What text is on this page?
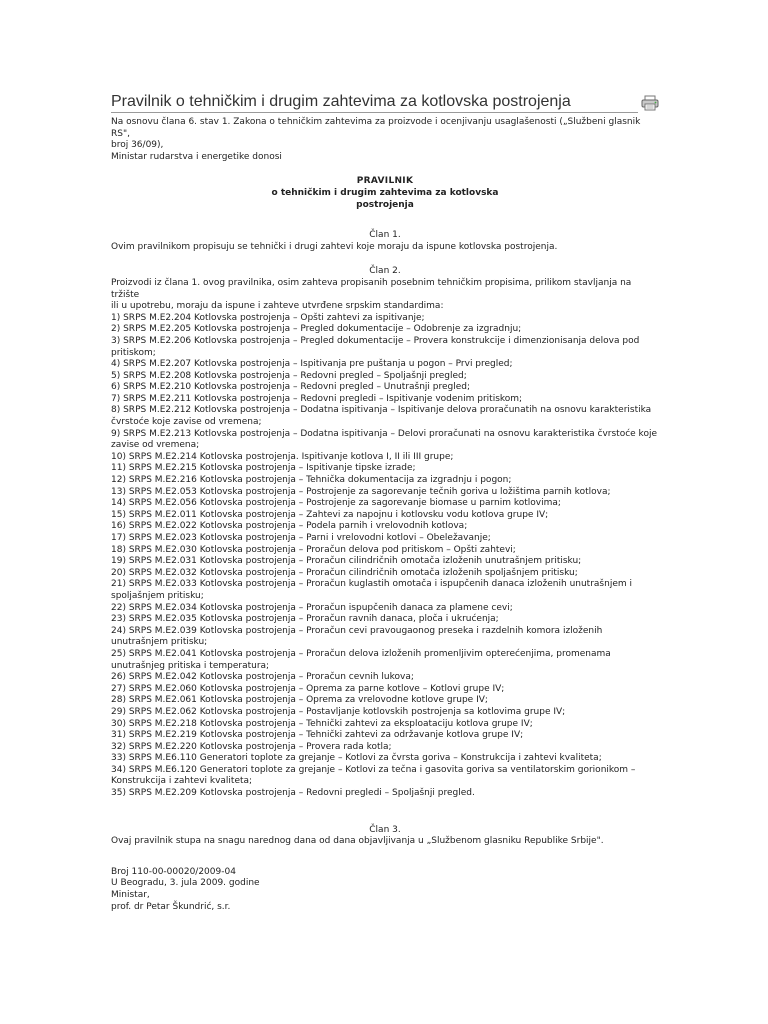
Pravilnik o tehničkim i drugim zahtevima za kotlovska postrojenja
Na osnovu člana 6. stav 1. Zakona o tehničkim zahtevima za proizvode i ocenjivanju usaglašenosti („Službeni glasnik RS",
broj 36/09),
Ministar rudarstva i energetike donosi
PRAVILNIK
o tehničkim i drugim zahtevima za kotlovska
postrojenja
Član 1.
Ovim pravilnikom propisuju se tehnički i drugi zahtevi koje moraju da ispune kotlovska postrojenja.
Član 2.
Proizvodi iz člana 1. ovog pravilnika, osim zahteva propisanih posebnim tehničkim propisima, prilikom stavljanja na tržište
ili u upotrebu, moraju da ispune i zahteve utvrđene srpskim standardima:
1) SRPS M.E2.204 Kotlovska postrojenja – Opšti zahtevi za ispitivanje;
2) SRPS M.E2.205 Kotlovska postrojenja – Pregled dokumentacije – Odobrenje za izgradnju;
3) SRPS M.E2.206 Kotlovska postrojenja – Pregled dokumentacije – Provera konstrukcije i dimenzionisanja delova pod
pritiskom;
4) SRPS M.E2.207 Kotlovska postrojenja – Ispitivanja pre puštanja u pogon – Prvi pregled;
5) SRPS M.E2.208 Kotlovska postrojenja – Redovni pregled – Spoljašnji pregled;
6) SRPS M.E2.210 Kotlovska postrojenja – Redovni pregled – Unutrašnji pregled;
7) SRPS M.E2.211 Kotlovska postrojenja – Redovni pregledi – Ispitivanje vodenim pritiskom;
8) SRPS M.E2.212 Kotlovska postrojenja – Dodatna ispitivanja – Ispitivanje delova proračunatih na osnovu karakteristika
čvrstoće koje zavise od vremena;
9) SRPS M.E2.213 Kotlovska postrojenja – Dodatna ispitivanja – Delovi proračunati na osnovu karakteristika čvrstoće koje
zavise od vremena;
10) SRPS M.E2.214 Kotlovska postrojenja. Ispitivanje kotlova I, II ili III grupe;
11) SRPS M.E2.215 Kotlovska postrojenja – Ispitivanje tipske izrade;
12) SRPS M.E2.216 Kotlovska postrojenja – Tehnička dokumentacija za izgradnju i pogon;
13) SRPS M.E2.053 Kotlovska postrojenja – Postrojenje za sagorevanje tečnih goriva u ložištima parnih kotlova;
14) SRPS M.E2.056 Kotlovska postrojenja – Postrojenje za sagorevanje biomase u parnim kotlovima;
15) SRPS M.E2.011 Kotlovska postrojenja – Zahtevi za napojnu i kotlovsku vodu kotlova grupe IV;
16) SRPS M.E2.022 Kotlovska postrojenja – Podela parnih i vrelovodnih kotlova;
17) SRPS M.E2.023 Kotlovska postrojenja – Parni i vrelovodni kotlovi – Obeležavanje;
18) SRPS M.E2.030 Kotlovska postrojenja – Proračun delova pod pritiskom – Opšti zahtevi;
19) SRPS M.E2.031 Kotlovska postrojenja – Proračun cilindričnih omotača izloženih unutrašnjem pritisku;
20) SRPS M.E2.032 Kotlovska postrojenja – Proračun cilindričnih omotača izloženih spoljašnjem pritisku;
21) SRPS M.E2.033 Kotlovska postrojenja – Proračun kuglastih omotača i ispupčenih danaca izloženih unutrašnjem i
spoljašnjem pritisku;
22) SRPS M.E2.034 Kotlovska postrojenja – Proračun ispupčenih danaca za plamene cevi;
23) SRPS M.E2.035 Kotlovska postrojenja – Proračun ravnih danaca, ploča i ukrućenja;
24) SRPS M.E2.039 Kotlovska postrojenja – Proračun cevi pravougaonog preseka i razdelnih komora izloženih
unutrašnjem pritisku;
25) SRPS M.E2.041 Kotlovska postrojenja – Proračun delova izloženih promenljivim opterećenjima, promenama
unutrašnjeg pritiska i temperatura;
26) SRPS M.E2.042 Kotlovska postrojenja – Proračun cevnih lukova;
27) SRPS M.E2.060 Kotlovska postrojenja – Oprema za parne kotlove – Kotlovi grupe IV;
28) SRPS M.E2.061 Kotlovska postrojenja – Oprema za vrelovodne kotlove grupe IV;
29) SRPS M.E2.062 Kotlovska postrojenja – Postavljanje kotlovskih postrojenja sa kotlovima grupe IV;
30) SRPS M.E2.218 Kotlovska postrojenja – Tehnički zahtevi za eksploataciju kotlova grupe IV;
31) SRPS M.E2.219 Kotlovska postrojenja – Tehnički zahtevi za održavanje kotlova grupe IV;
32) SRPS M.E2.220 Kotlovska postrojenja – Provera rada kotla;
33) SRPS M.E6.110 Generatori toplote za grejanje – Kotlovi za čvrsta goriva – Konstrukcija i zahtevi kvaliteta;
34) SRPS M.E6.120 Generatori toplote za grejanje – Kotlovi za tečna i gasovita goriva sa ventilatorskim gorionikom –
Konstrukcija i zahtevi kvaliteta;
35) SRPS M.E2.209 Kotlovska postrojenja – Redovni pregledi – Spoljašnji pregled.
Član 3.
Ovaj pravilnik stupa na snagu narednog dana od dana objavljivanja u „Službenom glasniku Republike Srbije".
Broj 110-00-00020/2009-04
U Beogradu, 3. jula 2009. godine
Ministar,
prof. dr Petar Škundrić, s.r.
